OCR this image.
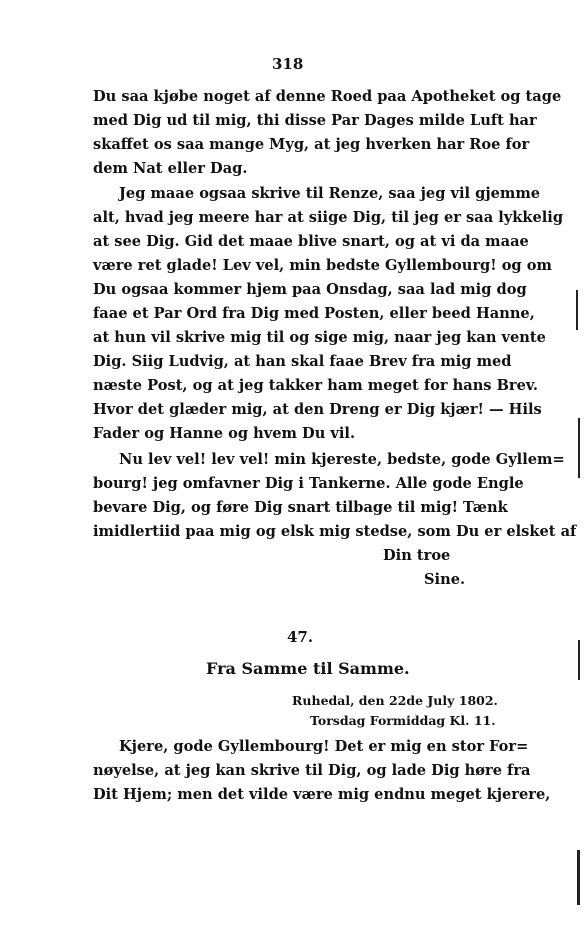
318
Du saa kjøbe noget af denne Roed paa Apotheket og tage
med Dig ud til mig, thi disse Par Dages milde Luft har
skaffet os saa mange Myg, at jeg hverken har Roe for
dem Nat eller Dag.
Jeg maae ogsaa skrive til Renze, saa jeg vil gjemme
alt, hvad jeg meere har at siige Dig, til jeg er saa lykkelig
at see Dig. Gid det maae blive snart, og at vi da maae
være ret glade! Lev vel, min bedste Gyllembourg! og om
Du ogsaa kommer hjem paa Onsdag, saa lad mig dog
faae et Par Ord fra Dig med Posten, eller beed Hanne,
at hun vil skrive mig til og sige mig, naar jeg kan vente
Dig. Siig Ludvig, at han skal faae Brev fra mig med
næste Post, og at jeg takker ham meget for hans Brev.
Hvor det glæder mig, at den Dreng er Dig kjær! — Hils
Fader og Hanne og hvem Du vil.
Nu lev vel! lev vel! min kjereste, bedste, gode Gyllem=
bourg! jeg omfavner Dig i Tankerne. Alle gode Engle
bevare Dig, og føre Dig snart tilbage til mig! Tænk
imidlertiid paa mig og elsk mig stedse, som Du er elsket af
Din troe
Sine.
47.
Fra Samme til Samme.
Ruhedal, den 22de July 1802.
Torsdag Formiddag Kl. 11.
Kjere, gode Gyllembourg! Det er mig en stor For=
nøyelse, at jeg kan skrive til Dig, og lade Dig høre fra
Dit Hjem; men det vilde være mig endnu meget kjerere,
